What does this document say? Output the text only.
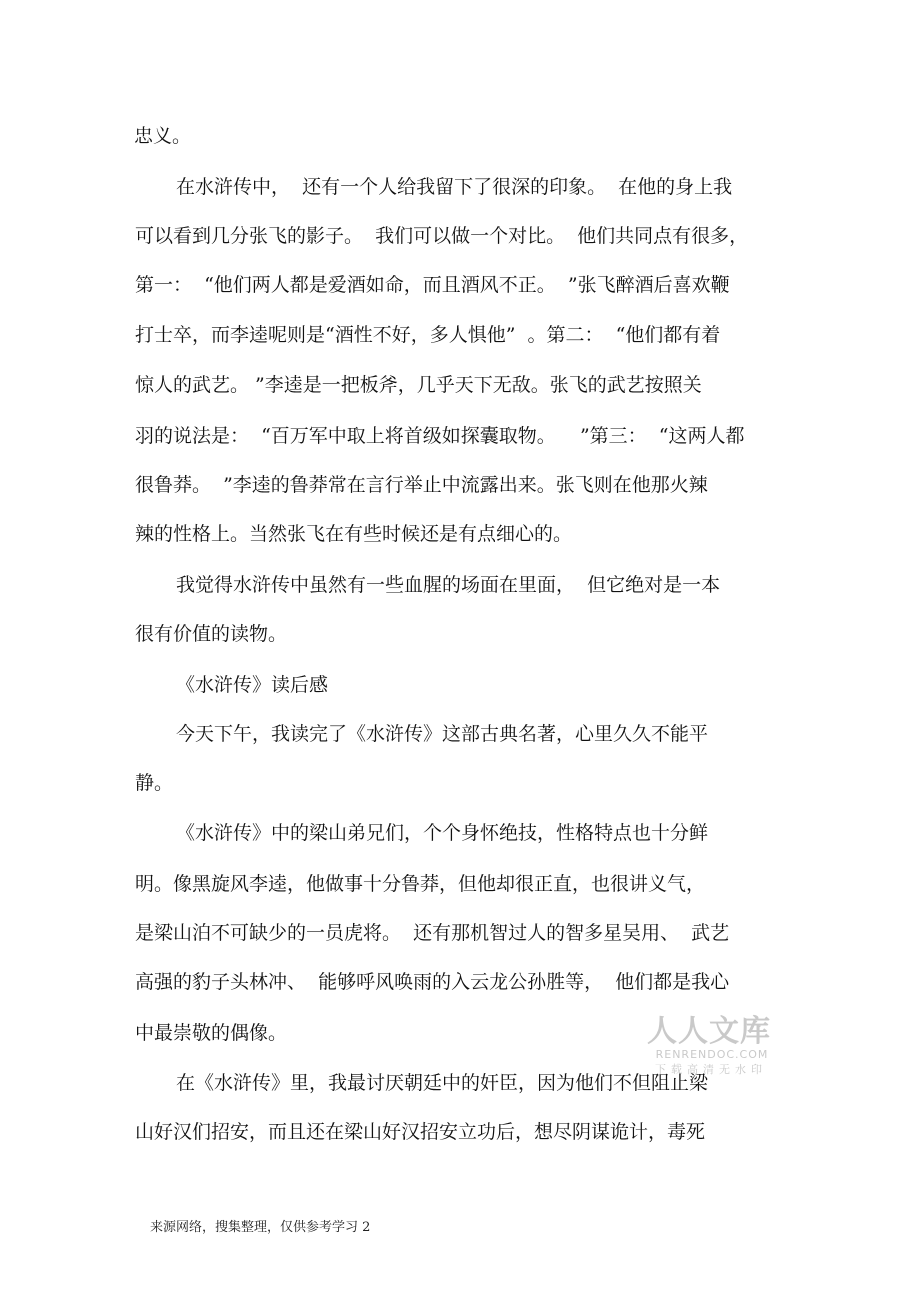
忠义。
在水浒传中，  还有一个人给我留下了很深的印象。  在他的身上我
可以看到几分张飞的影子。  我们可以做一个对比。  他们共同点有很多，
第一：  “他们两人都是爱酒如命，而且酒风不正。  ”张飞醉酒后喜欢鞭
打士卒，而李逵呢则是“酒性不好，多人惧他”  。第二：  “他们都有着
惊人的武艺。 ”李逵是一把板斧，几乎天下无敌。张飞的武艺按照关
羽的说法是：  “百万军中取上将首级如探囊取物。    ”第三：  “这两人都
很鲁莽。  ”李逵的鲁莽常在言行举止中流露出来。张飞则在他那火辣
辣的性格上。当然张飞在有些时候还是有点细心的。
我觉得水浒传中虽然有一些血腥的场面在里面，  但它绝对是一本
很有价值的读物。
《水浒传》读后感
今天下午，我读完了《水浒传》这部古典名著，心里久久不能平
静。
《水浒传》中的梁山弟兄们，个个身怀绝技，性格特点也十分鲜
明。像黑旋风李逵，他做事十分鲁莽，但他却很正直，也很讲义气，
是梁山泊不可缺少的一员虎将。  还有那机智过人的智多星吴用、  武艺
高强的豹子头林冲、  能够呼风唤雨的入云龙公孙胜等，  他们都是我心
中最崇敬的偶像。
在《水浒传》里，我最讨厌朝廷中的奸臣，因为他们不但阻止梁
山好汉们招安，而且还在梁山好汉招安立功后，想尽阴谋诡计，毒死
人人文库
RENRENDOC.COM
下载高清无水印
来源网络，搜集整理，仅供参考学习 2
